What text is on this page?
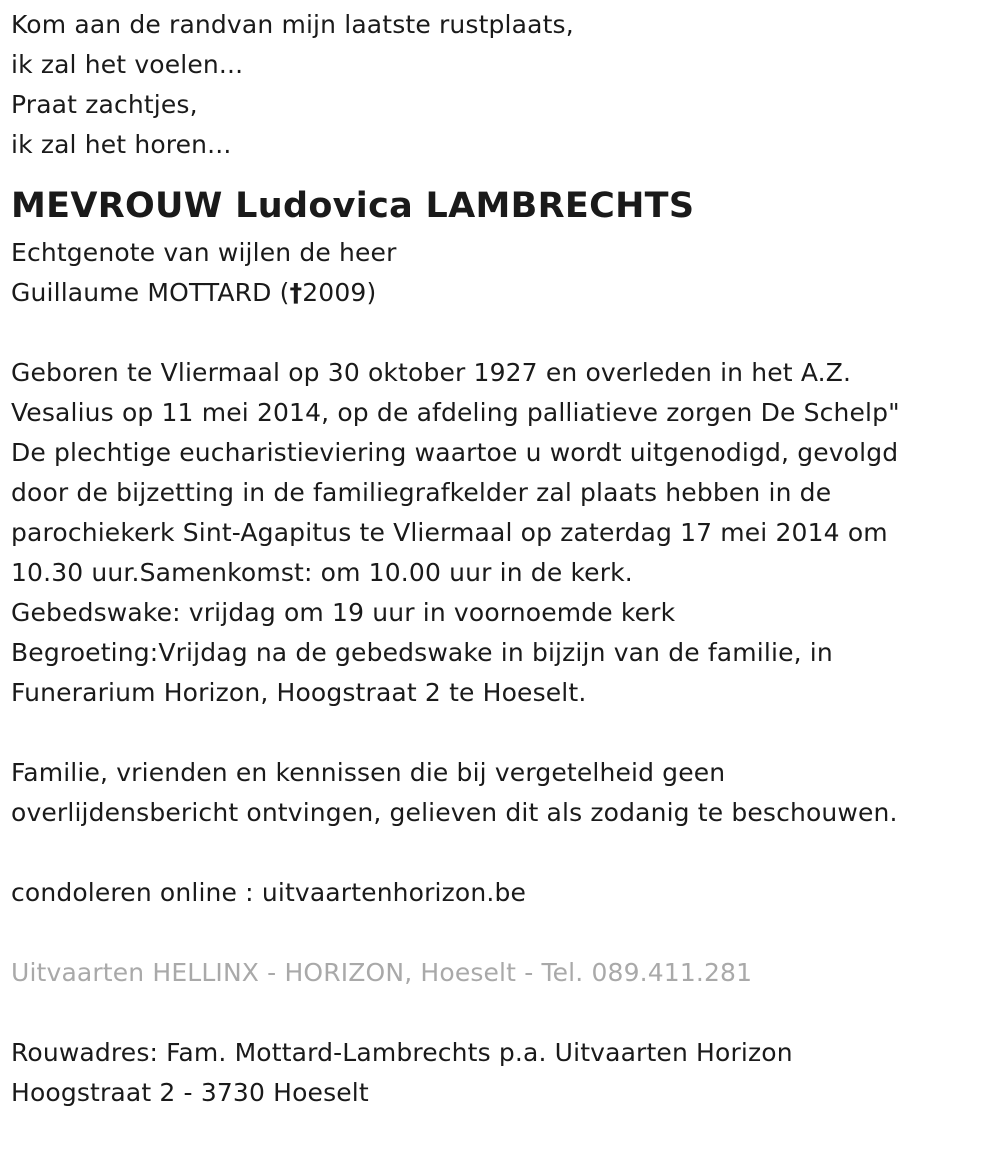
Kom aan de randvan mijn laatste rustplaats,
ik zal het voelen...
Praat zachtjes,
ik zal het horen...
MEVROUW Ludovica LAMBRECHTS
Echtgenote van wijlen de heer
Guillaume MOTTARD (†2009)
Geboren te Vliermaal op 30 oktober 1927 en overleden in het A.Z.
Vesalius op 11 mei 2014, op de afdeling palliatieve zorgen De Schelp"
De plechtige eucharistieviering waartoe u wordt uitgenodigd, gevolgd
door de bijzetting in de familiegrafkelder zal plaats hebben in de
parochiekerk Sint-Agapitus te Vliermaal op zaterdag 17 mei 2014 om
10.30 uur.Samenkomst: om 10.00 uur in de kerk.
Gebedswake: vrijdag om 19 uur in voornoemde kerk
Begroeting:Vrijdag na de gebedswake in bijzijn van de familie, in
Funerarium Horizon, Hoogstraat 2 te Hoeselt.
Familie, vrienden en kennissen die bij vergetelheid geen
overlijdensbericht ontvingen, gelieven dit als zodanig te beschouwen.
condoleren online : uitvaartenhorizon.be
Uitvaarten HELLINX - HORIZON, Hoeselt - Tel. 089.411.281
Rouwadres: Fam. Mottard-Lambrechts p.a. Uitvaarten Horizon
Hoogstraat 2 - 3730 Hoeselt
